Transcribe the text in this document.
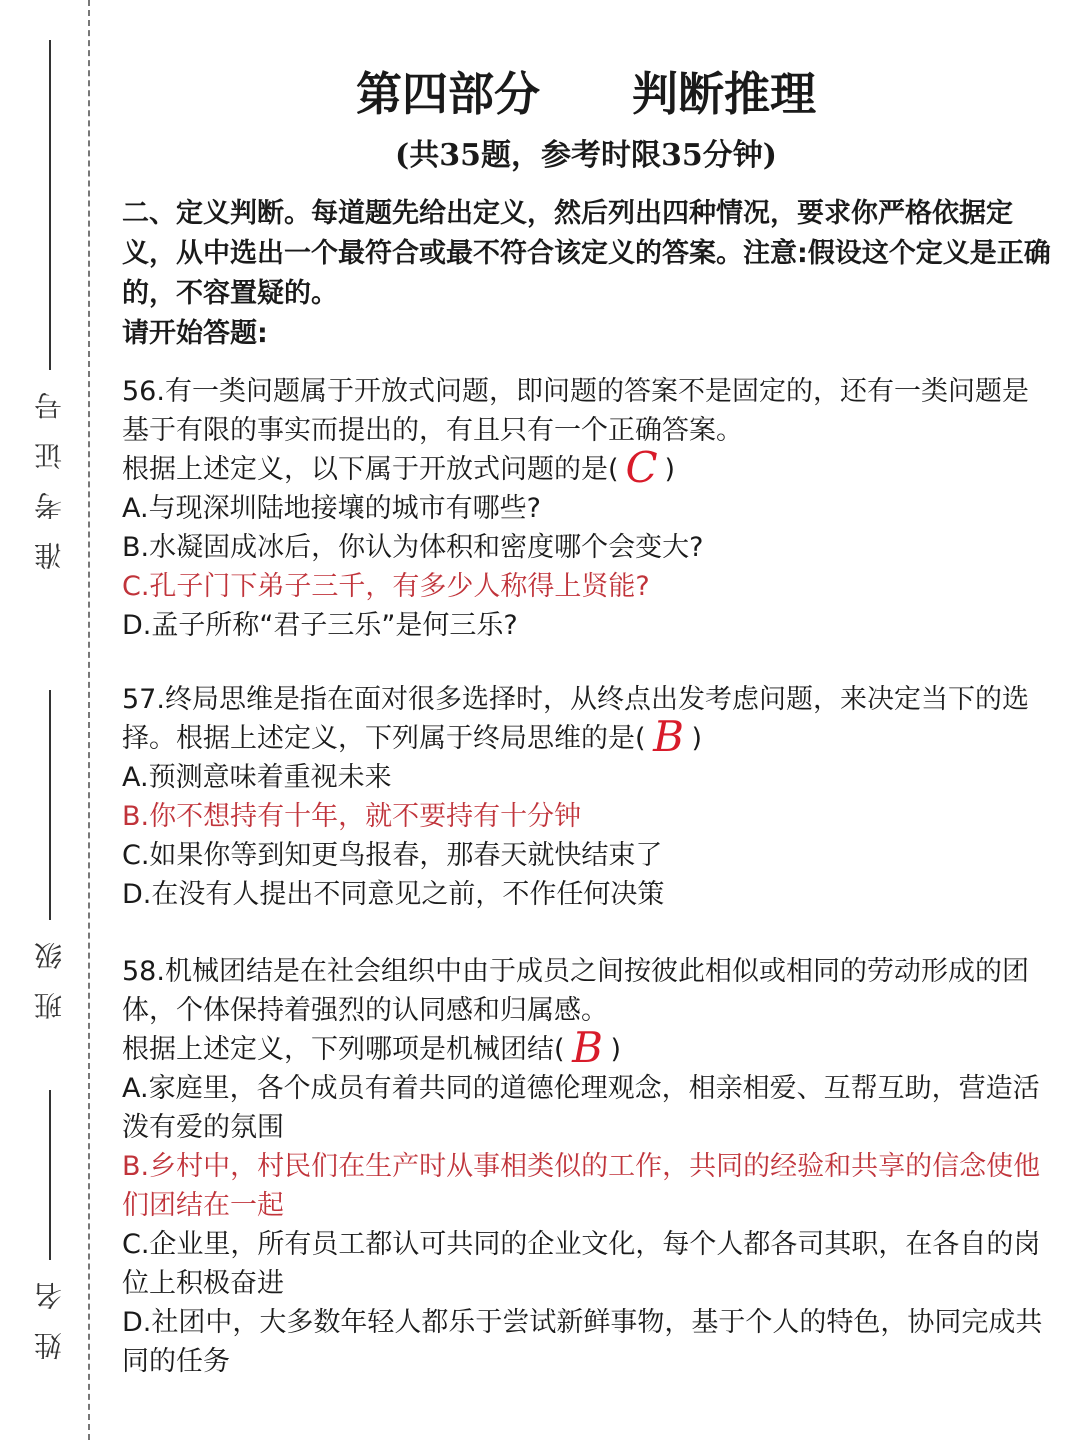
准考证号
班级
姓名
第四部分　　判断推理
(共35题，参考时限35分钟)

二、定义判断。每道题先给出定义，然后列出四种情况，要求你严格依据定义，从中选出一个最符合或最不符合该定义的答案。注意:假设这个定义是正确的，不容置疑的。

请开始答题:

56.有一类问题属于开放式问题，即问题的答案不是固定的，还有一类问题是基于有限的事实而提出的，有且只有一个正确答案。

根据上述定义，以下属于开放式问题的是( C )

A.与现深圳陆地接壤的城市有哪些?

B.水凝固成冰后，你认为体积和密度哪个会变大?

C.孔子门下弟子三千，有多少人称得上贤能?

D.孟子所称“君子三乐”是何三乐?

57.终局思维是指在面对很多选择时，从终点出发考虑问题，来决定当下的选择。根据上述定义，下列属于终局思维的是( B )

A.预测意味着重视未来

B.你不想持有十年，就不要持有十分钟

C.如果你等到知更鸟报春，那春天就快结束了

D.在没有人提出不同意见之前，不作任何决策

58.机械团结是在社会组织中由于成员之间按彼此相似或相同的劳动形成的团体，个体保持着强烈的认同感和归属感。

根据上述定义，下列哪项是机械团结( B )

A.家庭里，各个成员有着共同的道德伦理观念，相亲相爱、互帮互助，营造活泼有爱的氛围

B.乡村中，村民们在生产时从事相类似的工作，共同的经验和共享的信念使他们团结在一起

C.企业里，所有员工都认可共同的企业文化，每个人都各司其职，在各自的岗位上积极奋进

D.社团中，大多数年轻人都乐于尝试新鲜事物，基于个人的特色，协同完成共同的任务
